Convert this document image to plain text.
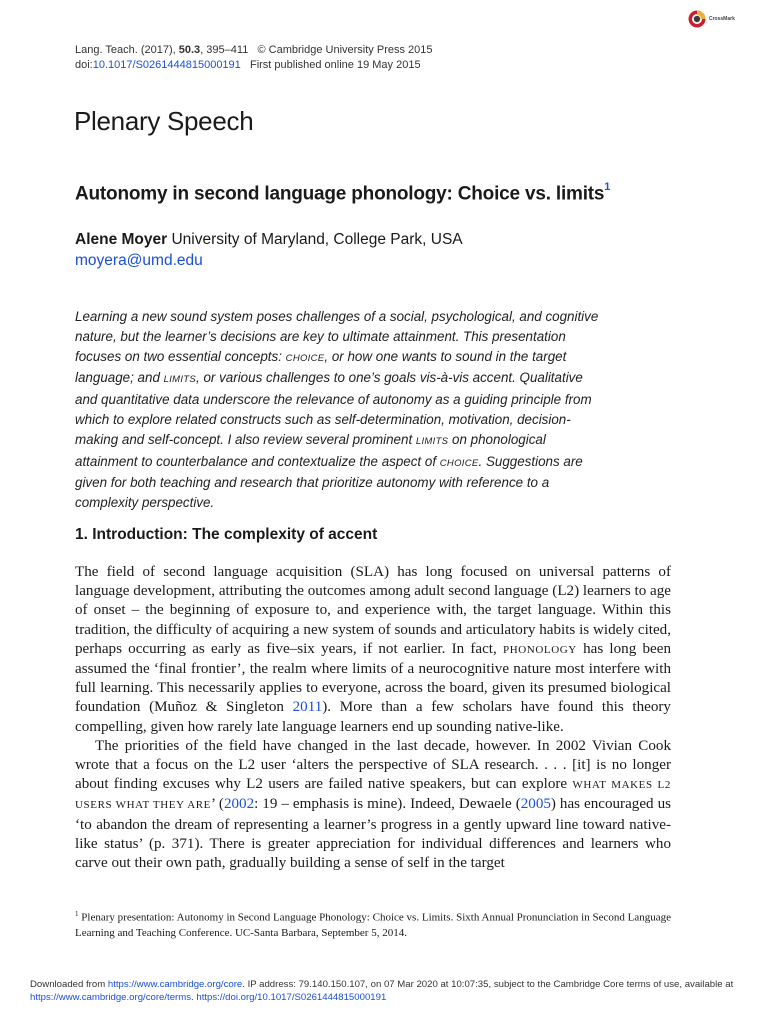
CrossMark
Lang. Teach. (2017), 50.3, 395–411 © Cambridge University Press 2015
doi:10.1017/S0261444815000191 First published online 19 May 2015
Plenary Speech
Autonomy in second language phonology: Choice vs. limits$^1$
Alene Moyer University of Maryland, College Park, USA
moyera@umd.edu

Learning a new sound system poses challenges of a social, psychological, and cognitive nature, but the learner’s decisions are key to ultimate attainment. This presentation focuses on two essential concepts: CHOICE, or how one wants to sound in the target language; and LIMITS, or various challenges to one’s goals vis-à-vis accent. Qualitative and quantitative data underscore the relevance of autonomy as a guiding principle from which to explore related constructs such as self-determination, motivation, decision-making and self-concept. I also review several prominent LIMITS on phonological attainment to counterbalance and contextualize the aspect of CHOICE. Suggestions are given for both teaching and research that prioritize autonomy with reference to a complexity perspective.

1. Introduction: The complexity of accent

The field of second language acquisition (SLA) has long focused on universal patterns of language development, attributing the outcomes among adult second language (L2) learners to age of onset – the beginning of exposure to, and experience with, the target language. Within this tradition, the difficulty of acquiring a new system of sounds and articulatory habits is widely cited, perhaps occurring as early as five–six years, if not earlier. In fact, PHONOLOGY has long been assumed the ‘final frontier’, the realm where limits of a neurocognitive nature most interfere with full learning. This necessarily applies to everyone, across the board, given its presumed biological foundation (Muñoz & Singleton 2011). More than a few scholars have found this theory compelling, given how rarely late language learners end up sounding native-like.

The priorities of the field have changed in the last decade, however. In 2002 Vivian Cook wrote that a focus on the L2 user ‘alters the perspective of SLA research. . . . [it] is no longer about finding excuses why L2 users are failed native speakers, but can explore WHAT MAKES L2 USERS WHAT THEY ARE’ (2002: 19 – emphasis is mine). Indeed, Dewaele (2005) has encouraged us ‘to abandon the dream of representing a learner’s progress in a gently upward line toward native-like status’ (p. 371). There is greater appreciation for individual differences and learners who carve out their own path, gradually building a sense of self in the target

$^1$ Plenary presentation: Autonomy in Second Language Phonology: Choice vs. Limits. Sixth Annual Pronunciation in Second Language Learning and Teaching Conference. UC-Santa Barbara, September 5, 2014.
Downloaded from https://www.cambridge.org/core. IP address: 79.140.150.107, on 07 Mar 2020 at 10:07:35, subject to the Cambridge Core terms of use, available at https://www.cambridge.org/core/terms. https://doi.org/10.1017/S0261444815000191
